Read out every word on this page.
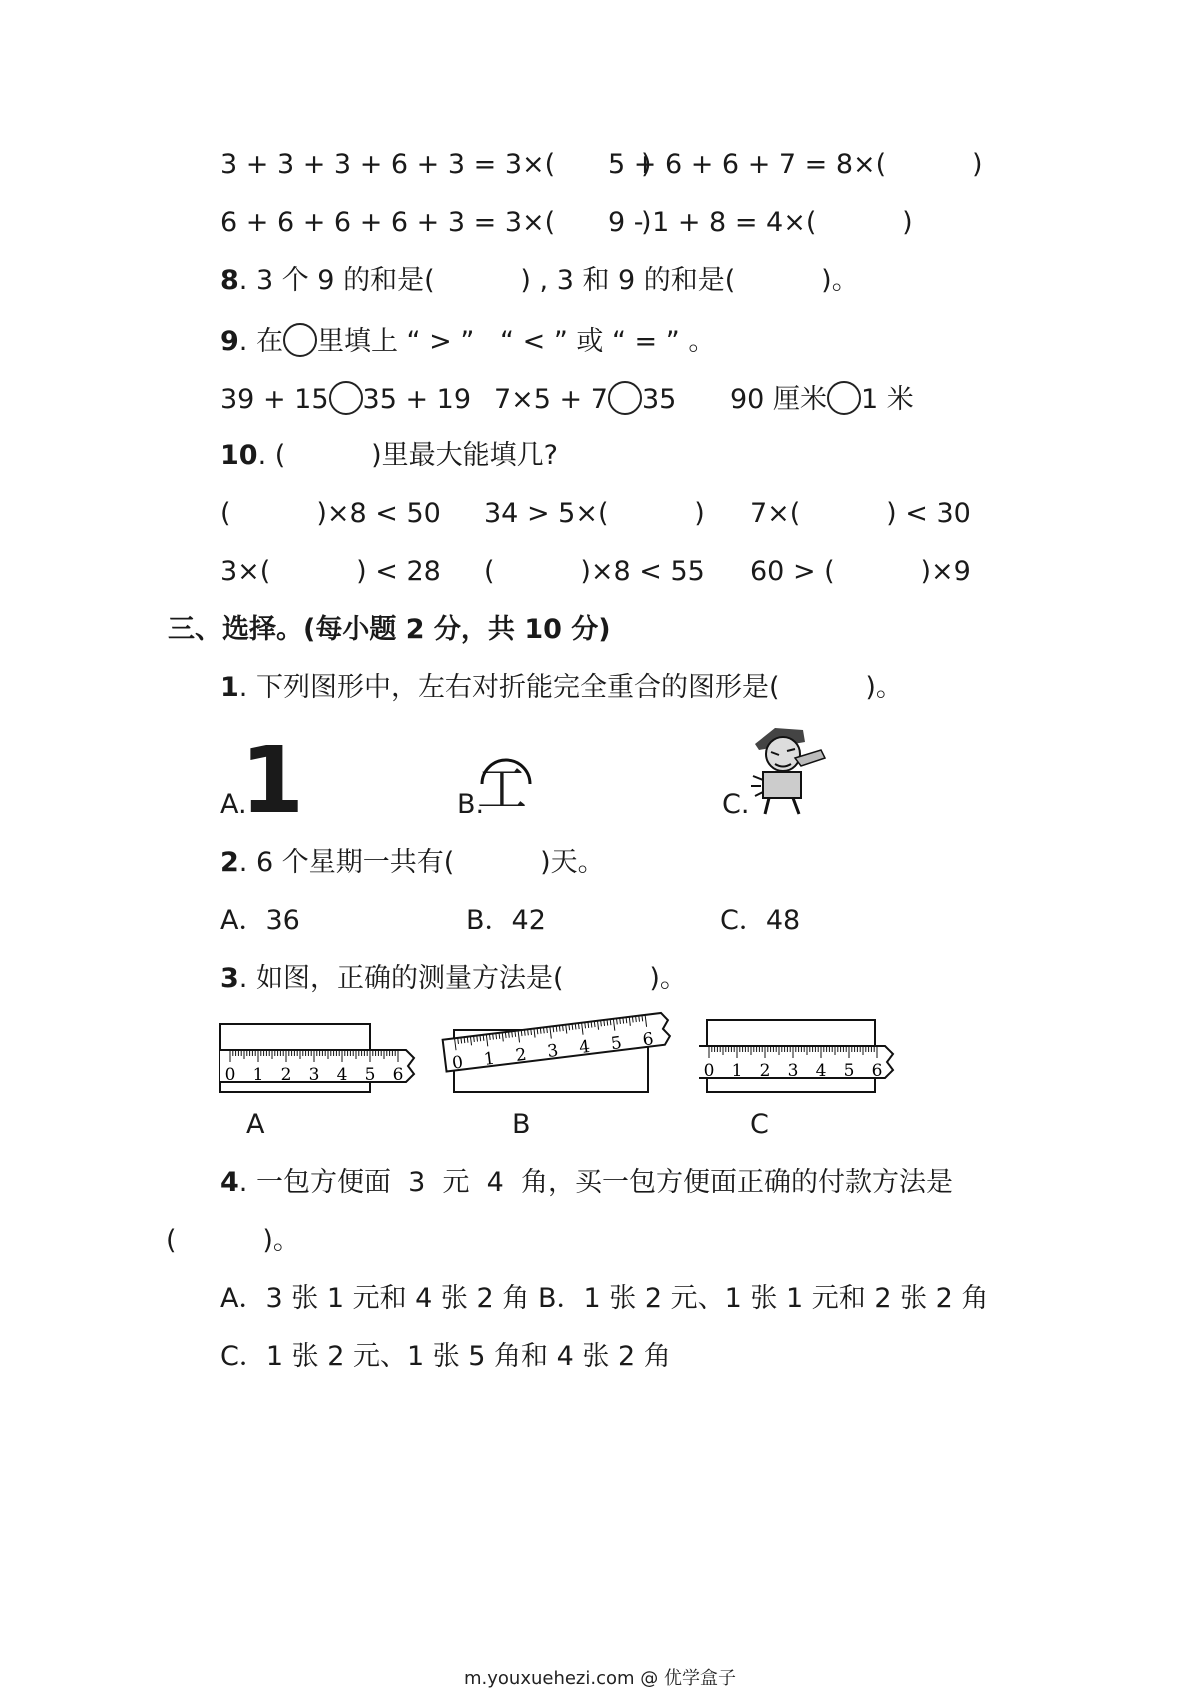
3 + 3 + 3 + 6 + 3 = 3×(          )
5 + 6 + 6 + 7 = 8×(          )
6 + 6 + 6 + 6 + 3 = 3×(          )
9 - 1 + 8 = 4×(          )
8. 3 个 9 的和是(          ) , 3 和 9 的和是(          )。
9. 在 里填上 “ > ”   “ < ” 或 “ = ” 。
39 + 15 35 + 19 7×5 + 7 35 90 厘米 1 米
10. (          )里最大能填几?
(          )×8 < 50 34 > 5×(          ) 7×(          ) < 30
3×(          ) < 28 (          )×8 < 55 60 > (          )×9
三、选择。(每小题 2 分，共 10 分)
1. 下列图形中，左右对折能完全重合的图形是(          )。
A.
1	B.
工	C.
2. 6 个星期一共有(          )天。
A．36	B．42	C．48
3. 如图，正确的测量方法是(          )。
0 1 2 3 4 5 6
0 1 2 3 4 5 6
0 1 2 3 4 5 6
A	B	C
4. 一包方便面  3  元  4  角，买一包方便面正确的付款方法是
(          )。
A．3 张 1 元和 4 张 2 角 B．1 张 2 元、1 张 1 元和 2 张 2 角
C．1 张 2 元、1 张 5 角和 4 张 2 角
m.youxuehezi.com @ 优学盒子
